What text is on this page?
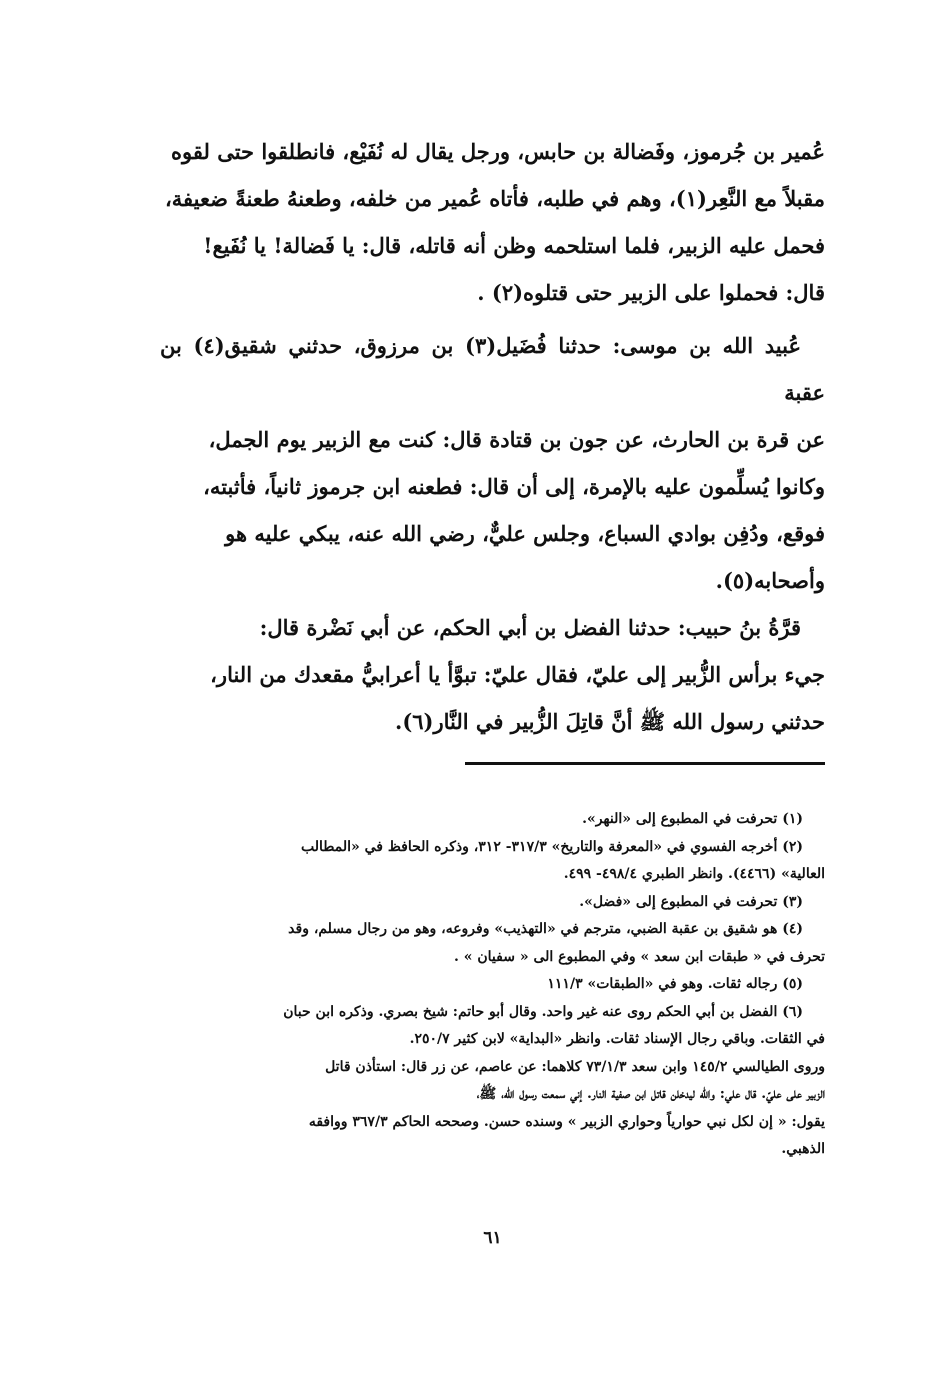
عُمير بن جُرموز، وفَضالة بن حابس، ورجل يقال له نُفَيْع، فانطلقوا حتى لقوه

مقبلاً مع النَّعِر(١)، وهم في طلبه، فأتاه عُمير من خلفه، وطعنهُ طعنةً ضعيفة،

فحمل عليه الزبير، فلما استلحمه وظن أنه قاتله، قال: يا فَضالة! يا نُفَيع!

قال: فحملوا على الزبير حتى قتلوه(٢) .

عُبيد الله بن موسى: حدثنا فُضَيل(٣) بن مرزوق، حدثني شقيق(٤) بن عقبة

عن قرة بن الحارث، عن جون بن قتادة قال: كنت مع الزبير يوم الجمل،

وكانوا يُسلِّمون عليه بالإمرة، إلى أن قال: فطعنه ابن جرموز ثانياً، فأثبته،

فوقع، ودُفِن بوادي السباع، وجلس عليٌّ، رضي الله عنه، يبكي عليه هو

وأصحابه(٥).

قرَّةُ بنُ حبيب: حدثنا الفضل بن أبي الحكم، عن أبي نَضْرة قال:

جيء برأس الزُّبير إلى عليّ، فقال عليّ: تبوَّأ يا أعرابيُّ مقعدك من النار،

حدثني رسول الله ﷺ أنَّ قاتِلَ الزُّبير في النَّار(٦).

(١) تحرفت في المطبوع إلى «النهر».

(٢) أخرجه الفسوي في «المعرفة والتاريخ» ٣١٧/٣- ٣١٢، وذكره الحافظ في «المطالب

العالية» (٤٤٦٦). وانظر الطبري ٤٩٨/٤- ٤٩٩.

(٣) تحرفت في المطبوع إلى «فضل».

(٤) هو شقيق بن عقبة الضبي، مترجم في «التهذيب» وفروعه، وهو من رجال مسلم، وقد

تحرف في « طبقات ابن سعد » وفي المطبوع الى « سفيان » .

(٥) رجاله ثقات. وهو في «الطبقات» ١١١/٣

(٦) الفضل بن أبي الحكم روى عنه غير واحد. وقال أبو حاتم: شيخ بصري. وذكره ابن حبان

في الثقات. وباقي رجال الإسناد ثقات. وانظر «البداية» لابن كثير ٢٥٠/٧.

وروى الطيالسي ١٤٥/٢ وابن سعد ٧٣/١/٣ كلاهما: عن عاصم، عن زر قال: استأذن قاتل

الزبير على عليّ. قال علي: والله ليدخلن قاتل ابن صفية النار. إني سمعت رسول الله، ﷺ،

يقول: « إن لكل نبي حوارياً وحواري الزبير » وسنده حسن. وصححه الحاكم ٣٦٧/٣ ووافقه

الذهبي.

٦١
